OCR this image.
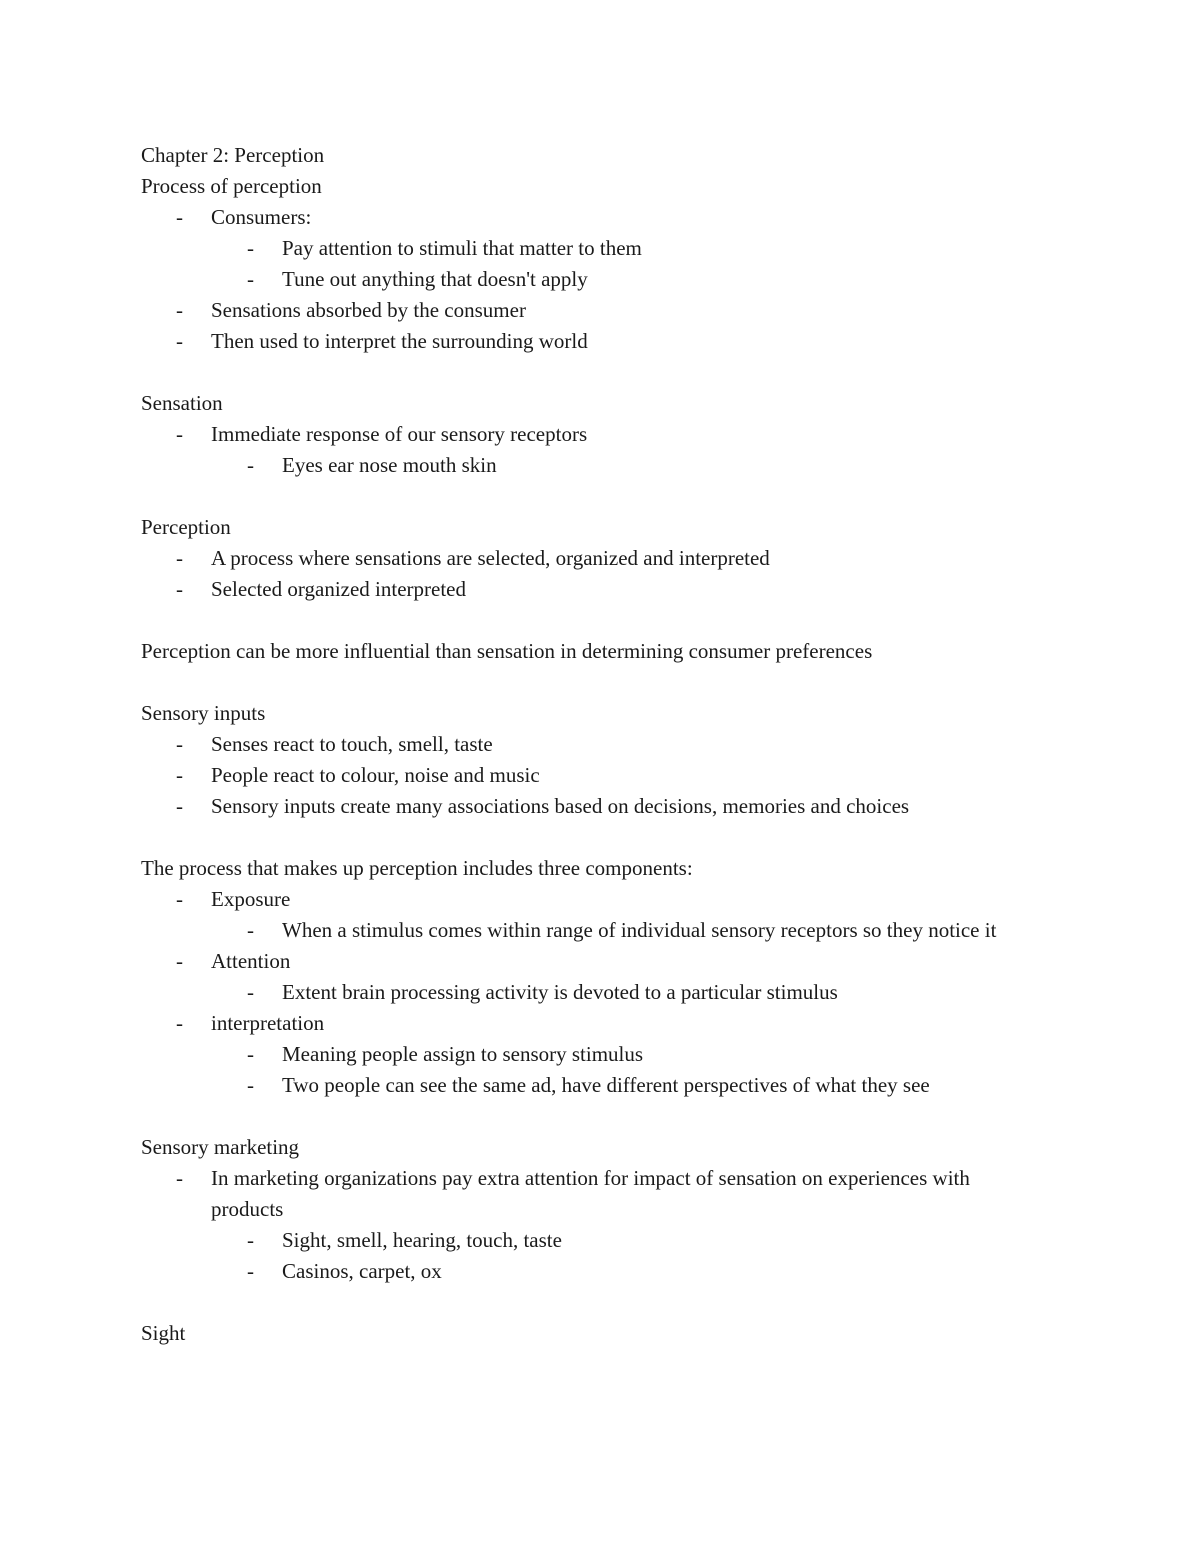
Chapter 2: Perception

Process of perception

- Consumers:
- Pay attention to stimuli that matter to them
- Tune out anything that doesn't apply
- Sensations absorbed by the consumer
- Then used to interpret the surrounding world

Sensation

- Immediate response of our sensory receptors
- Eyes ear nose mouth skin

Perception

- A process where sensations are selected, organized and interpreted
- Selected organized interpreted

Perception can be more influential than sensation in determining consumer preferences

Sensory inputs

- Senses react to touch, smell, taste
- People react to colour, noise and music
- Sensory inputs create many associations based on decisions, memories and choices

The process that makes up perception includes three components:

- Exposure
- When a stimulus comes within range of individual sensory receptors so they notice it
- Attention
- Extent brain processing activity is devoted to a particular stimulus
- interpretation
- Meaning people assign to sensory stimulus
- Two people can see the same ad, have different perspectives of what they see

Sensory marketing

- In marketing organizations pay extra attention for impact of sensation on experiences with products
- Sight, smell, hearing, touch, taste
- Casinos, carpet, ox

Sight
